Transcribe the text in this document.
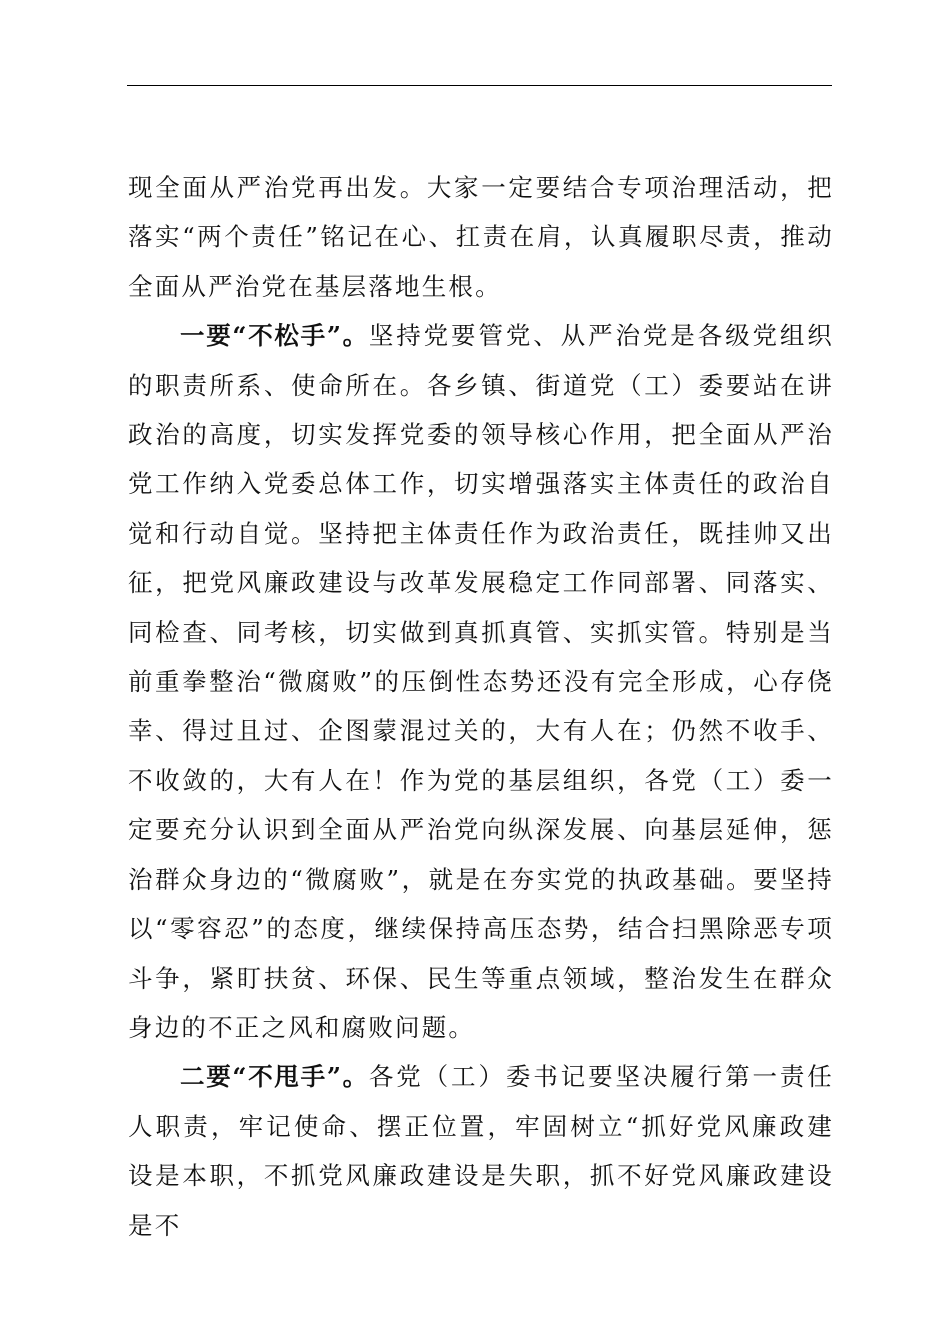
现全面从严治党再出发。大家一定要结合专项治理活动，把落实“两个责任”铭记在心、扛责在肩，认真履职尽责，推动全面从严治党在基层落地生根。

一要“不松手”。坚持党要管党、从严治党是各级党组织的职责所系、使命所在。各乡镇、街道党（工）委要站在讲政治的高度，切实发挥党委的领导核心作用，把全面从严治党工作纳入党委总体工作，切实增强落实主体责任的政治自觉和行动自觉。坚持把主体责任作为政治责任，既挂帅又出征，把党风廉政建设与改革发展稳定工作同部署、同落实、同检查、同考核，切实做到真抓真管、实抓实管。特别是当前重拳整治“微腐败”的压倒性态势还没有完全形成，心存侥幸、得过且过、企图蒙混过关的，大有人在；仍然不收手、不收敛的，大有人在！作为党的基层组织，各党（工）委一定要充分认识到全面从严治党向纵深发展、向基层延伸，惩治群众身边的“微腐败”，就是在夯实党的执政基础。要坚持以“零容忍”的态度，继续保持高压态势，结合扫黑除恶专项斗争，紧盯扶贫、环保、民生等重点领域，整治发生在群众身边的不正之风和腐败问题。

二要“不甩手”。各党（工）委书记要坚决履行第一责任人职责，牢记使命、摆正位置，牢固树立“抓好党风廉政建设是本职，不抓党风廉政建设是失职，抓不好党风廉政建设是不
